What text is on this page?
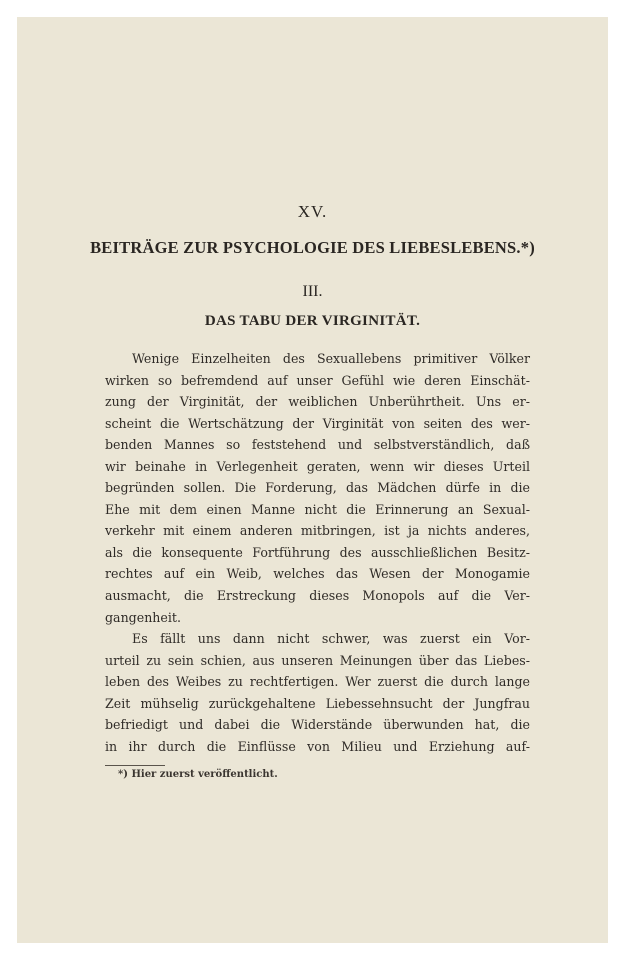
XV.
BEITRÄGE ZUR PSYCHOLOGIE DES LIEBESLEBENS.*)
III.
DAS TABU DER VIRGINITÄT.
Wenige Einzelheiten des Sexuallebens primitiver Völker
wirken so befremdend auf unser Gefühl wie deren Einschät-
zung der Virginität, der weiblichen Unberührtheit. Uns er-
scheint die Wertschätzung der Virginität von seiten des wer-
benden Mannes so feststehend und selbstverständlich, daß
wir beinahe in Verlegenheit geraten, wenn wir dieses Urteil
begründen sollen. Die Forderung, das Mädchen dürfe in die
Ehe mit dem einen Manne nicht die Erinnerung an Sexual-
verkehr mit einem anderen mitbringen, ist ja nichts anderes,
als die konsequente Fortführung des ausschließlichen Besitz-
rechtes auf ein Weib, welches das Wesen der Monogamie
ausmacht, die Erstreckung dieses Monopols auf die Ver-
gangenheit.
Es fällt uns dann nicht schwer, was zuerst ein Vor-
urteil zu sein schien, aus unseren Meinungen über das Liebes-
leben des Weibes zu rechtfertigen. Wer zuerst die durch lange
Zeit mühselig zurückgehaltene Liebessehnsucht der Jungfrau
befriedigt und dabei die Widerstände überwunden hat, die
in ihr durch die Einflüsse von Milieu und Erziehung auf-
*) Hier zuerst veröffentlicht.
